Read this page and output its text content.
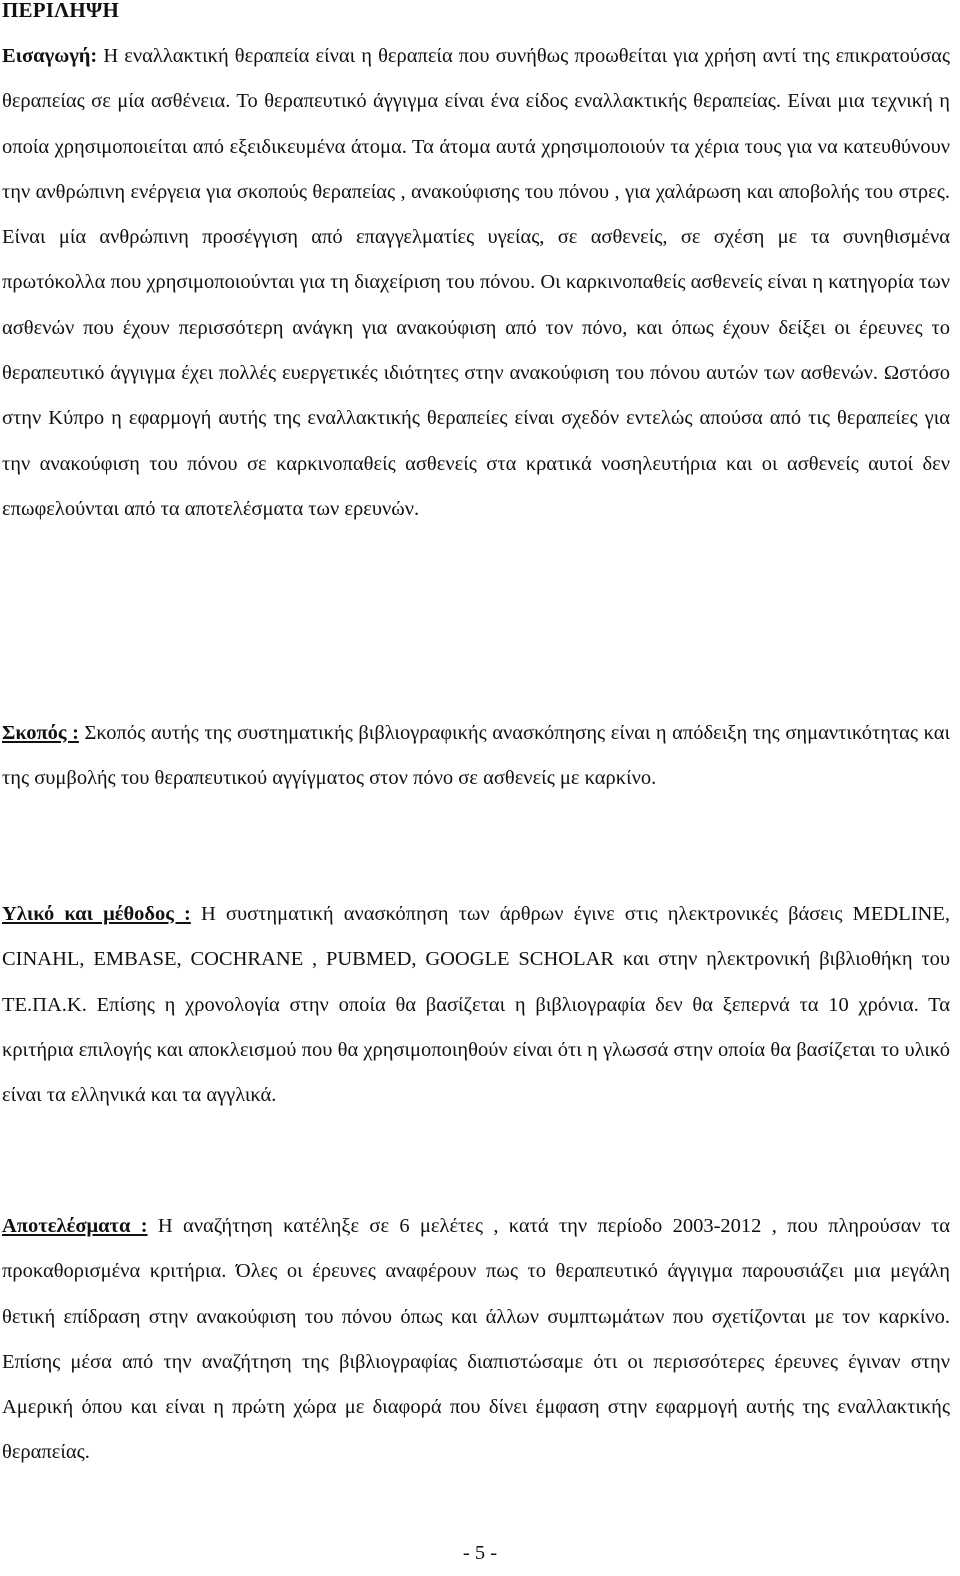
ΠΕΡΙΛΗΨΗ

Εισαγωγή: Η εναλλακτική θεραπεία είναι η θεραπεία που συνήθως προωθείται για χρήση αντί της επικρατούσας θεραπείας σε μία ασθένεια. Το θεραπευτικό άγγιγμα είναι ένα είδος εναλλακτικής θεραπείας. Είναι μια τεχνική η οποία χρησιμοποιείται από εξειδικευμένα άτομα. Τα άτομα αυτά χρησιμοποιούν τα χέρια τους για να κατευθύνουν την ανθρώπινη ενέργεια για σκοπούς θεραπείας , ανακούφισης του πόνου , για χαλάρωση και αποβολής του στρες. Είναι μία ανθρώπινη προσέγγιση από επαγγελματίες υγείας, σε ασθενείς, σε σχέση με τα συνηθισμένα πρωτόκολλα που χρησιμοποιούνται για τη διαχείριση του πόνου. Οι καρκινοπαθείς ασθενείς είναι η κατηγορία των ασθενών που έχουν περισσότερη ανάγκη για ανακούφιση από τον πόνο, και όπως έχουν δείξει οι έρευνες το θεραπευτικό άγγιγμα έχει πολλές ευεργετικές ιδιότητες στην ανακούφιση του πόνου αυτών των ασθενών. Ωστόσο στην Κύπρο η εφαρμογή αυτής της εναλλακτικής θεραπείες είναι σχεδόν εντελώς απούσα από τις θεραπείες για την ανακούφιση του πόνου σε καρκινοπαθείς ασθενείς στα κρατικά νοσηλευτήρια και οι ασθενείς αυτοί δεν επωφελούνται από τα αποτελέσματα των ερευνών.

Σκοπός : Σκοπός αυτής της συστηματικής βιβλιογραφικής ανασκόπησης είναι η απόδειξη της σημαντικότητας και της συμβολής του θεραπευτικού αγγίγματος στον πόνο σε ασθενείς με καρκίνο.

Υλικό και μέθοδος : Η συστηματική ανασκόπηση των άρθρων έγινε στις ηλεκτρονικές βάσεις MEDLINE, CINAHL, EMBASE, COCHRANE , PUBMED, GOOGLE SCHOLAR και στην ηλεκτρονική βιβλιοθήκη του ΤΕ.ΠΑ.Κ. Επίσης η χρονολογία στην οποία θα βασίζεται η βιβλιογραφία δεν θα ξεπερνά τα 10 χρόνια. Τα κριτήρια επιλογής και αποκλεισμού που θα χρησιμοποιηθούν είναι ότι η γλωσσά στην οποία θα βασίζεται το υλικό είναι τα ελληνικά και τα αγγλικά.

Αποτελέσματα : Η αναζήτηση κατέληξε σε 6 μελέτες , κατά την περίοδο 2003-2012 , που πληρούσαν τα προκαθορισμένα κριτήρια. Όλες οι έρευνες αναφέρουν πως το θεραπευτικό άγγιγμα παρουσιάζει μια μεγάλη θετική επίδραση στην ανακούφιση του πόνου όπως και άλλων συμπτωμάτων που σχετίζονται με τον καρκίνο. Επίσης μέσα από την αναζήτηση της βιβλιογραφίας διαπιστώσαμε ότι οι περισσότερες έρευνες έγιναν στην Αμερική όπου και είναι η πρώτη χώρα με διαφορά που δίνει έμφαση στην εφαρμογή αυτής της εναλλακτικής θεραπείας.

- 5 -
